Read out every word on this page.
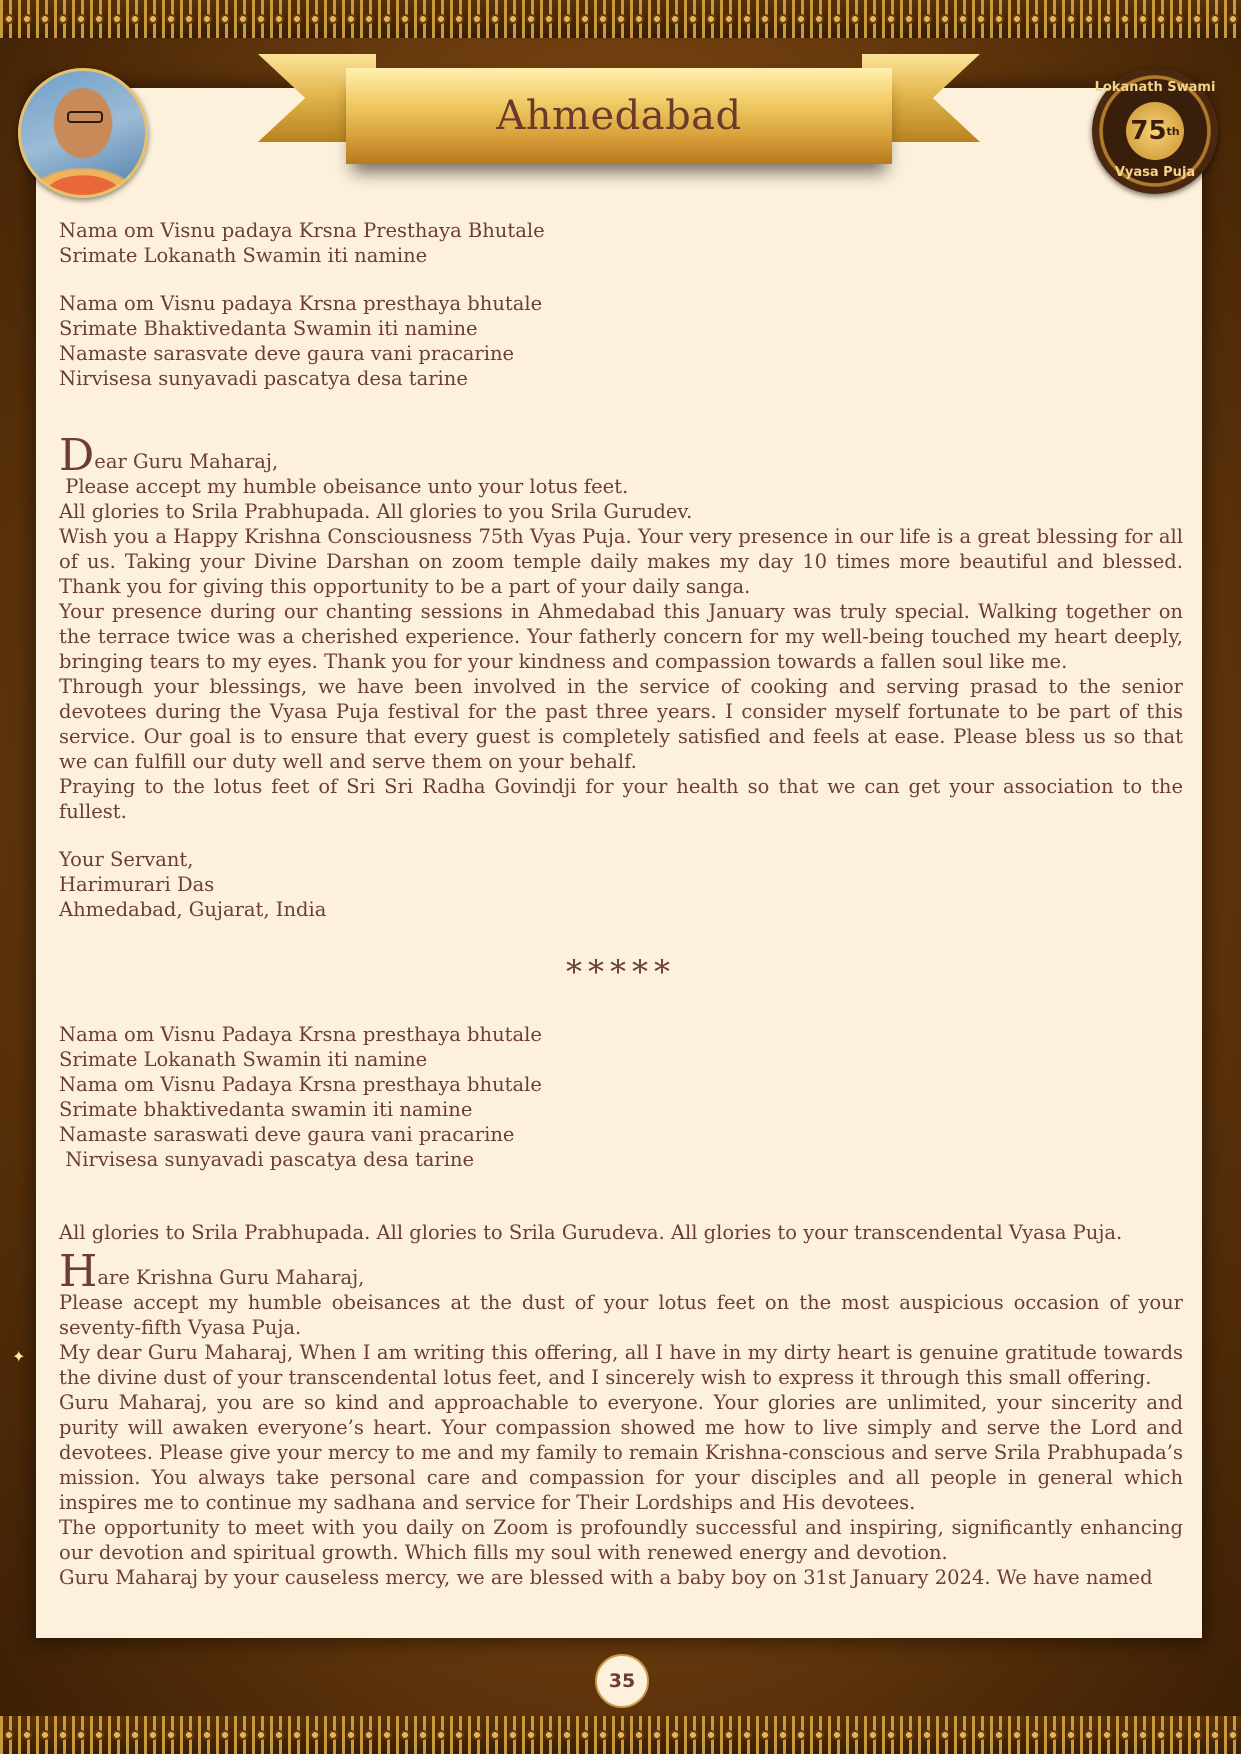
Ahmedabad
Lokanath Swami
75 th
Vyasa Puja

Nama om Visnu padaya Krsna Presthaya Bhutale

Srimate Lokanath Swamin iti namine

Nama om Visnu padaya Krsna presthaya bhutale

Srimate Bhaktivedanta Swamin iti namine

Namaste sarasvate deve gaura vani pracarine

Nirvisesa sunyavadi pascatya desa tarine

Dear Guru Maharaj,

Please accept my humble obeisance unto your lotus feet.

All glories to Srila Prabhupada. All glories to you Srila Gurudev.

Wish you a Happy Krishna Consciousness 75th Vyas Puja. Your very presence in our life is a great blessing for all of us. Taking your Divine Darshan on zoom temple daily makes my day 10 times more beautiful and blessed. Thank you for giving this opportunity to be a part of your daily sanga.

Your presence during our chanting sessions in Ahmedabad this January was truly special. Walking together on the terrace twice was a cherished experience. Your fatherly concern for my well-being touched my heart deeply, bringing tears to my eyes. Thank you for your kindness and compassion towards a fallen soul like me.

Through your blessings, we have been involved in the service of cooking and serving prasad to the senior devotees during the Vyasa Puja festival for the past three years. I consider myself fortunate to be part of this service. Our goal is to ensure that every guest is completely satisfied and feels at ease. Please bless us so that we can fulfill our duty well and serve them on your behalf.

Praying to the lotus feet of Sri Sri Radha Govindji for your health so that we can get your association to the fullest.

Your Servant,

Harimurari Das

Ahmedabad, Gujarat, India

*****

Nama om Visnu Padaya Krsna presthaya bhutale

Srimate Lokanath Swamin iti namine

Nama om Visnu Padaya Krsna presthaya bhutale

Srimate bhaktivedanta swamin iti namine

Namaste saraswati deve gaura vani pracarine

Nirvisesa sunyavadi pascatya desa tarine

All glories to Srila Prabhupada. All glories to Srila Gurudeva. All glories to your transcendental Vyasa Puja.

Hare Krishna Guru Maharaj,

Please accept my humble obeisances at the dust of your lotus feet on the most auspicious occasion of your seventy-fifth Vyasa Puja.

My dear Guru Maharaj, When I am writing this offering, all I have in my dirty heart is genuine gratitude towards the divine dust of your transcendental lotus feet, and I sincerely wish to express it through this small offering.

Guru Maharaj, you are so kind and approachable to everyone. Your glories are unlimited, your sincerity and purity will awaken everyone’s heart. Your compassion showed me how to live simply and serve the Lord and devotees. Please give your mercy to me and my family to remain Krishna-conscious and serve Srila Prabhupada’s mission. You always take personal care and compassion for your disciples and all people in general which inspires me to continue my sadhana and service for Their Lordships and His devotees.

The opportunity to meet with you daily on Zoom is profoundly successful and inspiring, significantly enhancing our devotion and spiritual growth. Which fills my soul with renewed energy and devotion.

Guru Maharaj by your causeless mercy, we are blessed with a baby boy on 31st January 2024. We have named

✦
35
